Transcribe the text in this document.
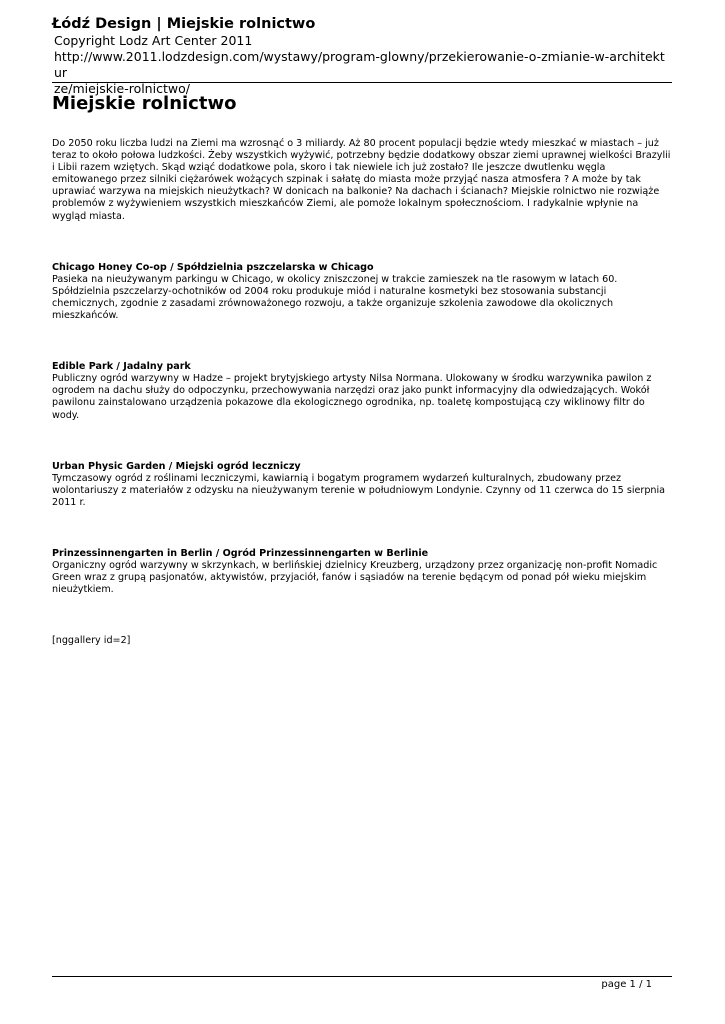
Łódź Design | Miejskie rolnictwo
Copyright Lodz Art Center 2011
http://www.2011.lodzdesign.com/wystawy/program-glowny/przekierowanie-o-zmianie-w-architektur
ze/miejskie-rolnictwo/
Miejskie rolnictwo

Do 2050 roku liczba ludzi na Ziemi ma wzrosnąć o 3 miliardy. Aż 80 procent populacji będzie wtedy mieszkać w miastach – już teraz to około połowa ludzkości. Żeby wszystkich wyżywić, potrzebny będzie dodatkowy obszar ziemi uprawnej wielkości Brazylii i Libii razem wziętych. Skąd wziąć dodatkowe pola, skoro i tak niewiele ich już zostało? Ile jeszcze dwutlenku węgla emitowanego przez silniki ciężarówek wożących szpinak i sałatę do miasta może przyjąć nasza atmosfera ? A może by tak uprawiać warzywa na miejskich nieużytkach? W donicach na balkonie? Na dachach i ścianach? Miejskie rolnictwo nie rozwiąże problemów z wyżywieniem wszystkich mieszkańców Ziemi, ale pomoże lokalnym społecznościom. I radykalnie wpłynie na wygląd miasta.

Chicago Honey Co-op / Spółdzielnia pszczelarska w Chicago

Pasieka na nieużywanym parkingu w Chicago, w okolicy zniszczonej w trakcie zamieszek na tle rasowym w latach 60. Spółdzielnia pszczelarzy-ochotników od 2004 roku produkuje miód i naturalne kosmetyki bez stosowania substancji chemicznych, zgodnie z zasadami zrównoważonego rozwoju, a także organizuje szkolenia zawodowe dla okolicznych mieszkańców.

Edible Park / Jadalny park

Publiczny ogród warzywny w Hadze – projekt brytyjskiego artysty Nilsa Normana. Ulokowany w środku warzywnika pawilon z ogrodem na dachu służy do odpoczynku, przechowywania narzędzi oraz jako punkt informacyjny dla odwiedzających. Wokół pawilonu zainstalowano urządzenia pokazowe dla ekologicznego ogrodnika, np. toaletę kompostującą czy wiklinowy filtr do wody.

Urban Physic Garden / Miejski ogród leczniczy

Tymczasowy ogród z roślinami leczniczymi, kawiarnią i bogatym programem wydarzeń kulturalnych, zbudowany przez wolontariuszy z materiałów z odzysku na nieużywanym terenie w południowym Londynie. Czynny od 11 czerwca do 15 sierpnia 2011 r.

Prinzessinnengarten in Berlin / Ogród Prinzessinnengarten w Berlinie

Organiczny ogród warzywny w skrzynkach, w berlińskiej dzielnicy Kreuzberg, urządzony przez organizację non-profit Nomadic Green wraz z grupą pasjonatów, aktywistów, przyjaciół, fanów i sąsiadów na terenie będącym od ponad pół wieku miejskim nieużytkiem.

[nggallery id=2]

page 1 / 1
